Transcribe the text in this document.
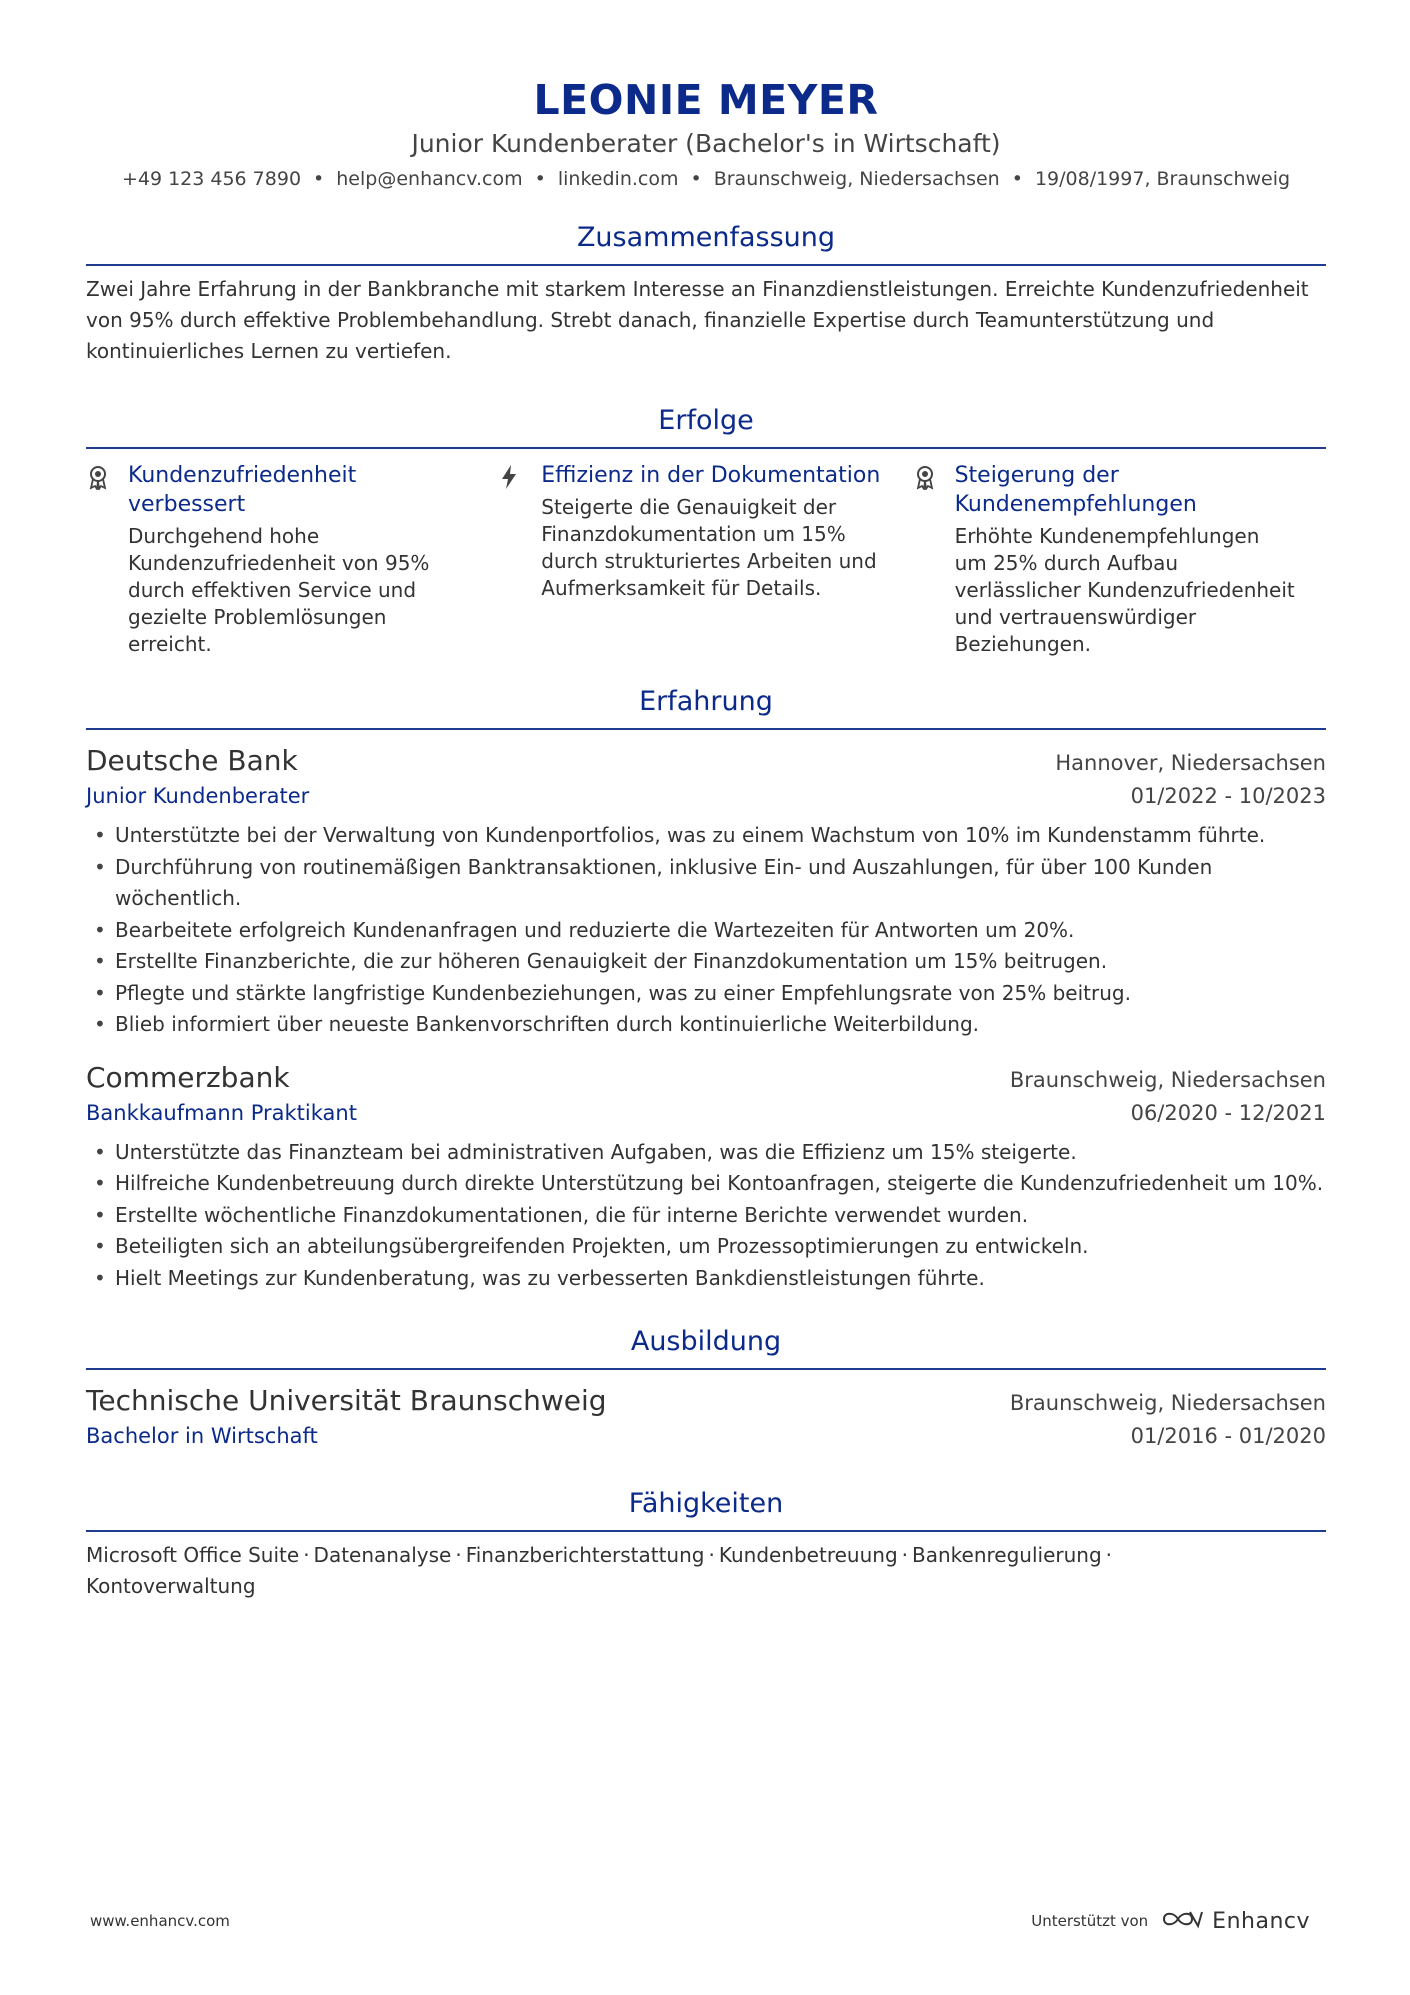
LEONIE MEYER
Junior Kundenberater (Bachelor's in Wirtschaft)
+49 123 456 7890 • help@enhancv.com • linkedin.com • Braunschweig, Niedersachsen • 19/08/1997, Braunschweig
Zusammenfassung

Zwei Jahre Erfahrung in der Bankbranche mit starkem Interesse an Finanzdienstleistungen. Erreichte Kundenzufriedenheit von 95% durch effektive Problembehandlung. Strebt danach, finanzielle Expertise durch Teamunterstützung und kontinuierliches Lernen zu vertiefen.

Erfolge
Kundenzufriedenheit verbessert
Durchgehend hohe Kundenzufriedenheit von 95% durch effektiven Service und gezielte Problemlösungen erreicht.
Effizienz in der Dokumentation
Steigerte die Genauigkeit der Finanzdokumentation um 15% durch strukturiertes Arbeiten und Aufmerksamkeit für Details.
Steigerung der Kundenempfehlungen
Erhöhte Kundenempfehlungen um 25% durch Aufbau verlässlicher Kundenzufriedenheit und vertrauenswürdiger Beziehungen.
Erfahrung
Deutsche Bank	Hannover, Niedersachsen
Junior Kundenberater	01/2022 - 10/2023
• Unterstützte bei der Verwaltung von Kundenportfolios, was zu einem Wachstum von 10% im Kundenstamm führte.
• Durchführung von routinemäßigen Banktransaktionen, inklusive Ein- und Auszahlungen, für über 100 Kunden wöchentlich.
• Bearbeitete erfolgreich Kundenanfragen und reduzierte die Wartezeiten für Antworten um 20%.
• Erstellte Finanzberichte, die zur höheren Genauigkeit der Finanzdokumentation um 15% beitrugen.
• Pflegte und stärkte langfristige Kundenbeziehungen, was zu einer Empfehlungsrate von 25% beitrug.
• Blieb informiert über neueste Bankenvorschriften durch kontinuierliche Weiterbildung.
Commerzbank	Braunschweig, Niedersachsen
Bankkaufmann Praktikant	06/2020 - 12/2021
• Unterstützte das Finanzteam bei administrativen Aufgaben, was die Effizienz um 15% steigerte.
• Hilfreiche Kundenbetreuung durch direkte Unterstützung bei Kontoanfragen, steigerte die Kundenzufriedenheit um 10%.
• Erstellte wöchentliche Finanzdokumentationen, die für interne Berichte verwendet wurden.
• Beteiligten sich an abteilungsübergreifenden Projekten, um Prozessoptimierungen zu entwickeln.
• Hielt Meetings zur Kundenberatung, was zu verbesserten Bankdienstleistungen führte.
Ausbildung
Technische Universität Braunschweig	Braunschweig, Niedersachsen
Bachelor in Wirtschaft	01/2016 - 01/2020
Fähigkeiten
Microsoft Office Suite · Datenanalyse · Finanzberichterstattung · Kundenbetreuung · Bankenregulierung ·
Kontoverwaltung
www.enhancv.com	Unterstützt von	Enhancv
